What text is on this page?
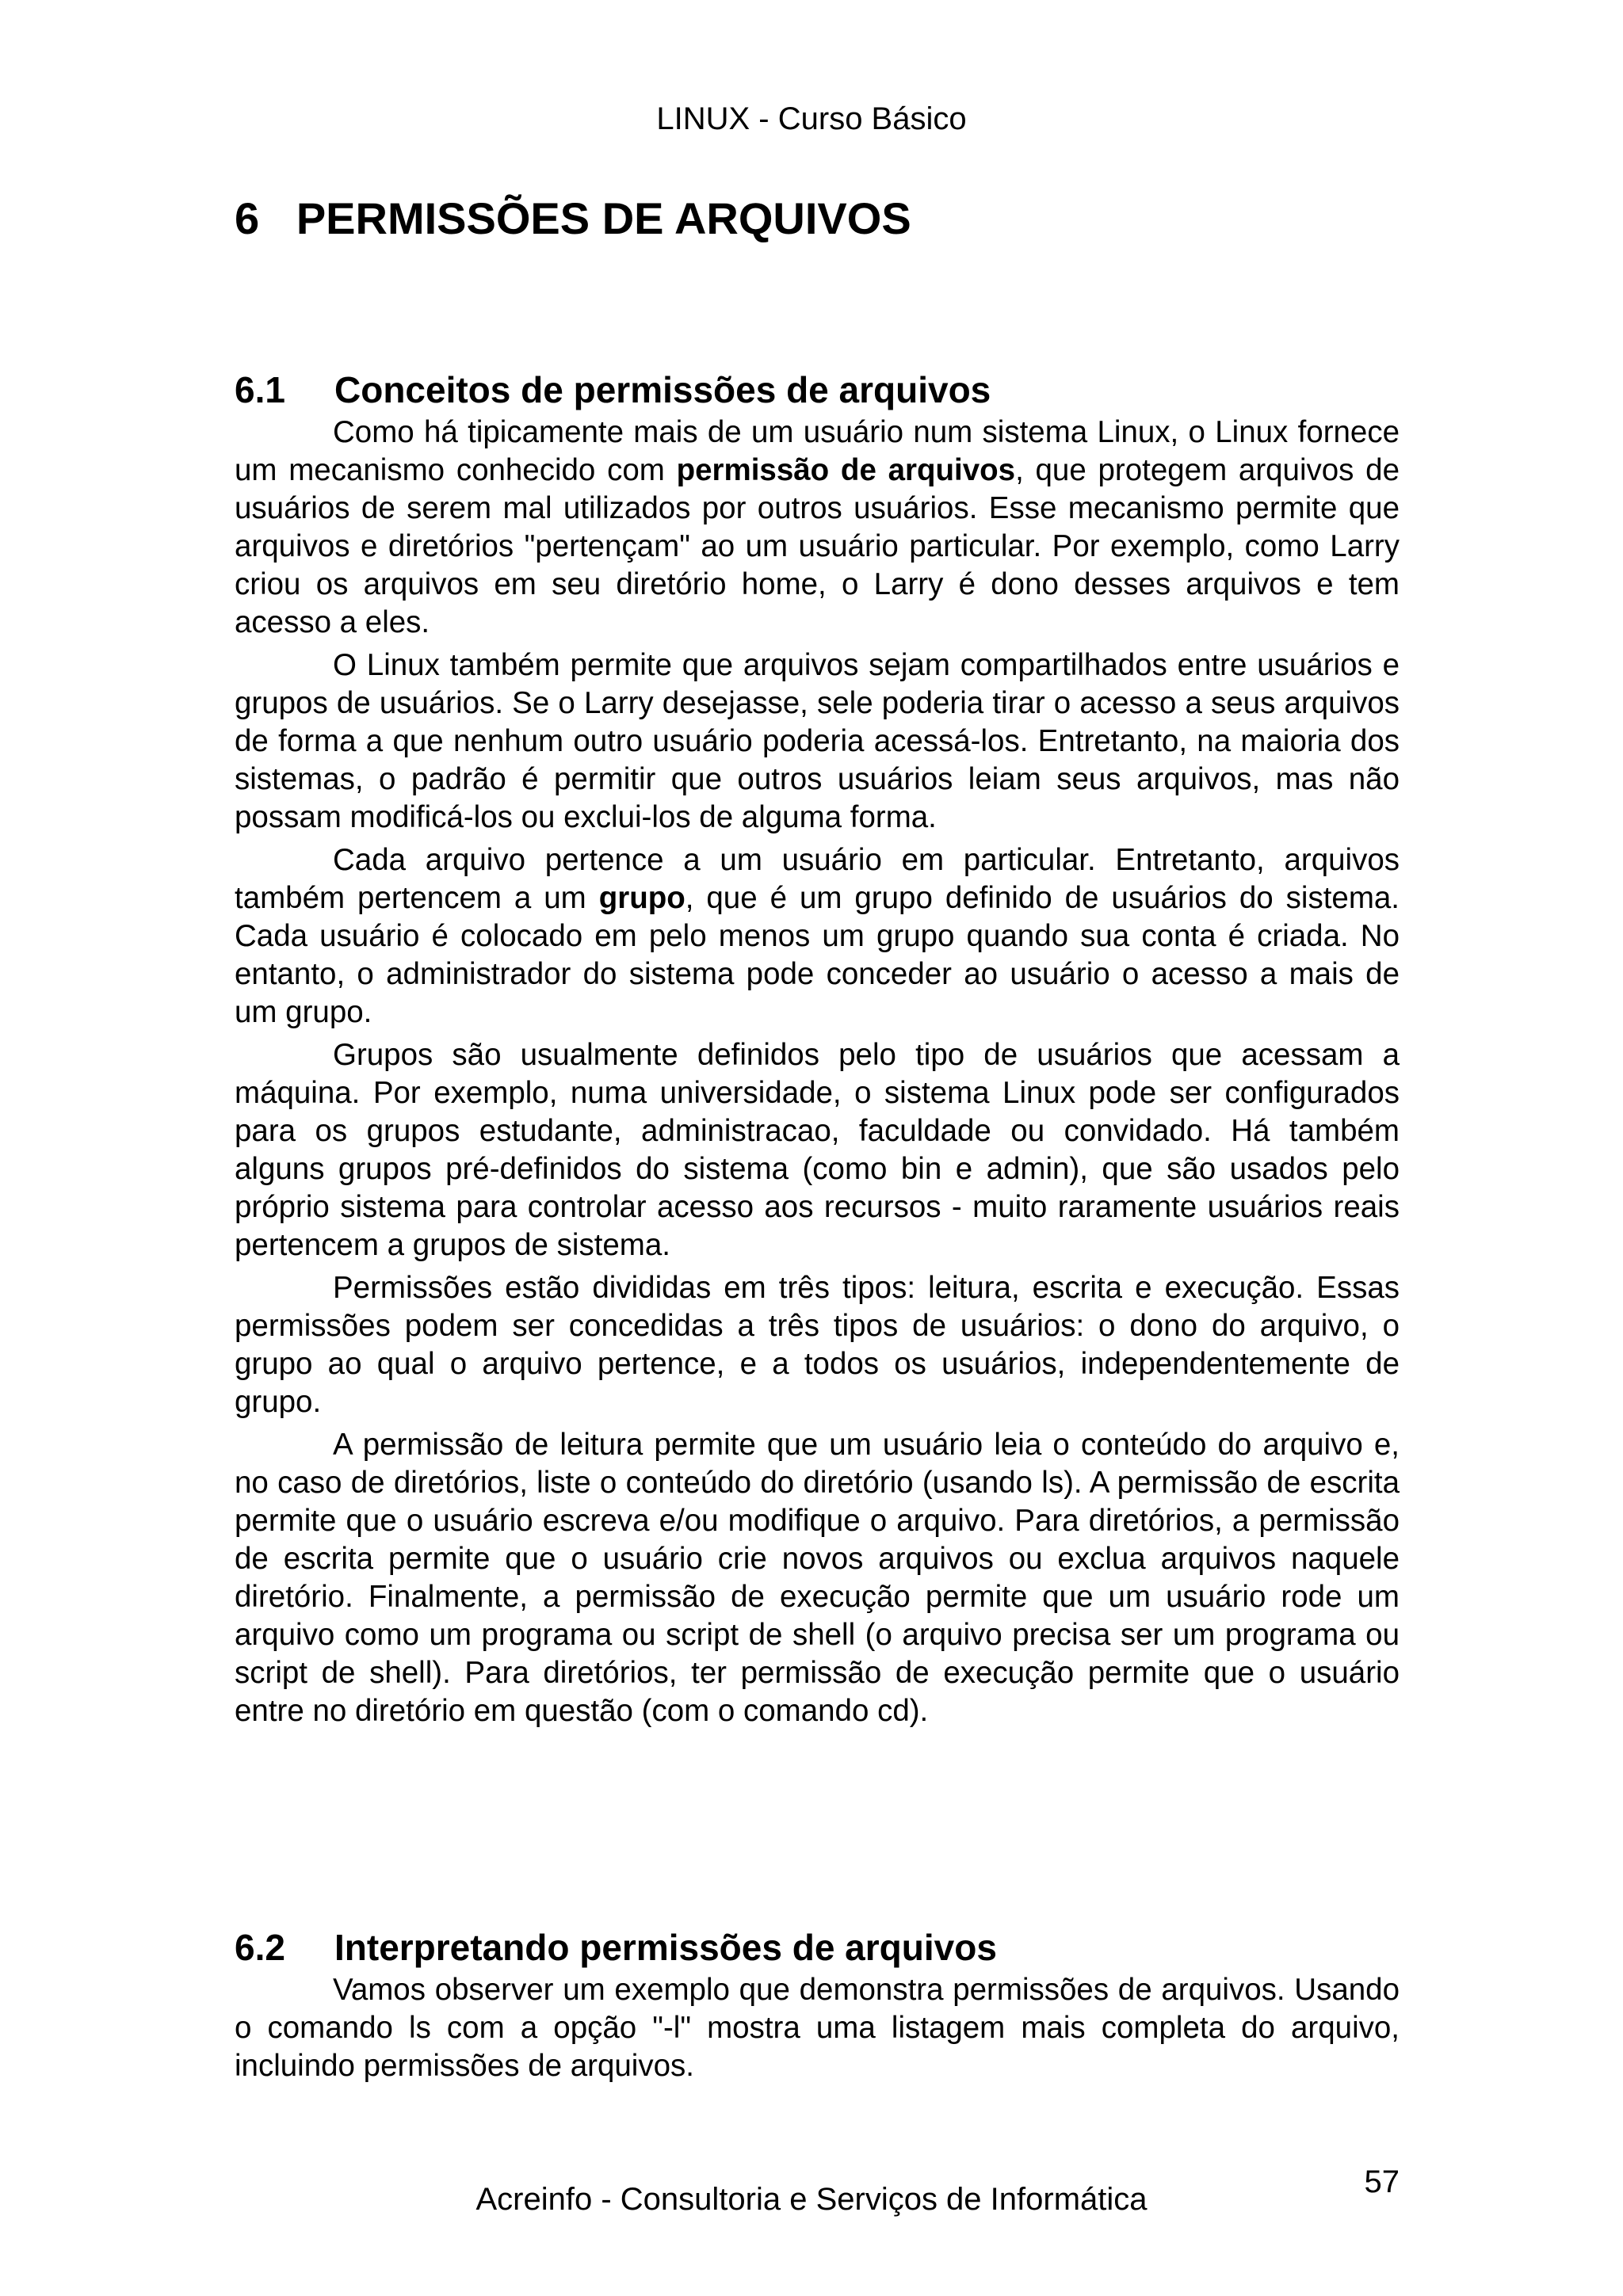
LINUX - Curso Básico
6   PERMISSÕES DE ARQUIVOS
6.1 Conceitos de permissões de arquivos

Como há tipicamente mais de um usuário num sistema Linux, o Linux fornece um mecanismo conhecido com permissão de arquivos, que protegem arquivos de usuários de serem mal utilizados por outros usuários. Esse mecanismo permite que arquivos e diretórios "pertençam" ao um usuário particular. Por exemplo, como Larry criou os arquivos em seu diretório home, o Larry é dono desses arquivos e tem acesso a eles.

O Linux também permite que arquivos sejam compartilhados entre usuários e grupos de usuários. Se o Larry desejasse, sele poderia tirar o acesso a seus arquivos de forma a que nenhum outro usuário poderia acessá-los. Entretanto, na maioria dos sistemas, o padrão é permitir que outros usuários leiam seus arquivos, mas não possam modificá-los ou exclui-los de alguma forma.

Cada arquivo pertence a um usuário em particular. Entretanto, arquivos também pertencem a um grupo, que é um grupo definido de usuários do sistema. Cada usuário é colocado em pelo menos um grupo quando sua conta é criada. No entanto, o administrador do sistema pode conceder ao usuário o acesso a mais de um grupo.

Grupos são usualmente definidos pelo tipo de usuários que acessam a máquina. Por exemplo, numa universidade, o sistema Linux pode ser configurados para os grupos estudante, administracao, faculdade ou convidado. Há também alguns grupos pré-definidos do sistema (como bin e admin), que são usados pelo próprio sistema para controlar acesso aos recursos - muito raramente usuários reais pertencem a grupos de sistema.

Permissões estão divididas em três tipos: leitura, escrita e execução. Essas permissões podem ser concedidas a três tipos de usuários: o dono do arquivo, o grupo ao qual o arquivo pertence, e a todos os usuários, independentemente de grupo.

A permissão de leitura permite que um usuário leia o conteúdo do arquivo e, no caso de diretórios, liste o conteúdo do diretório (usando ls). A permissão de escrita permite que o usuário escreva e/ou modifique o arquivo. Para diretórios, a permissão de escrita permite que o usuário crie novos arquivos ou exclua arquivos naquele diretório. Finalmente, a permissão de execução permite que um usuário rode um arquivo como um programa ou script de shell (o arquivo precisa ser um programa ou script de shell). Para diretórios, ter permissão de execução permite que o usuário entre no diretório em questão (com o comando cd).

6.2 Interpretando permissões de arquivos

Vamos observer um exemplo que demonstra permissões de arquivos. Usando o comando ls com a opção "-l" mostra uma listagem mais completa do arquivo, incluindo permissões de arquivos.

Acreinfo - Consultoria e Serviços de Informática	57
